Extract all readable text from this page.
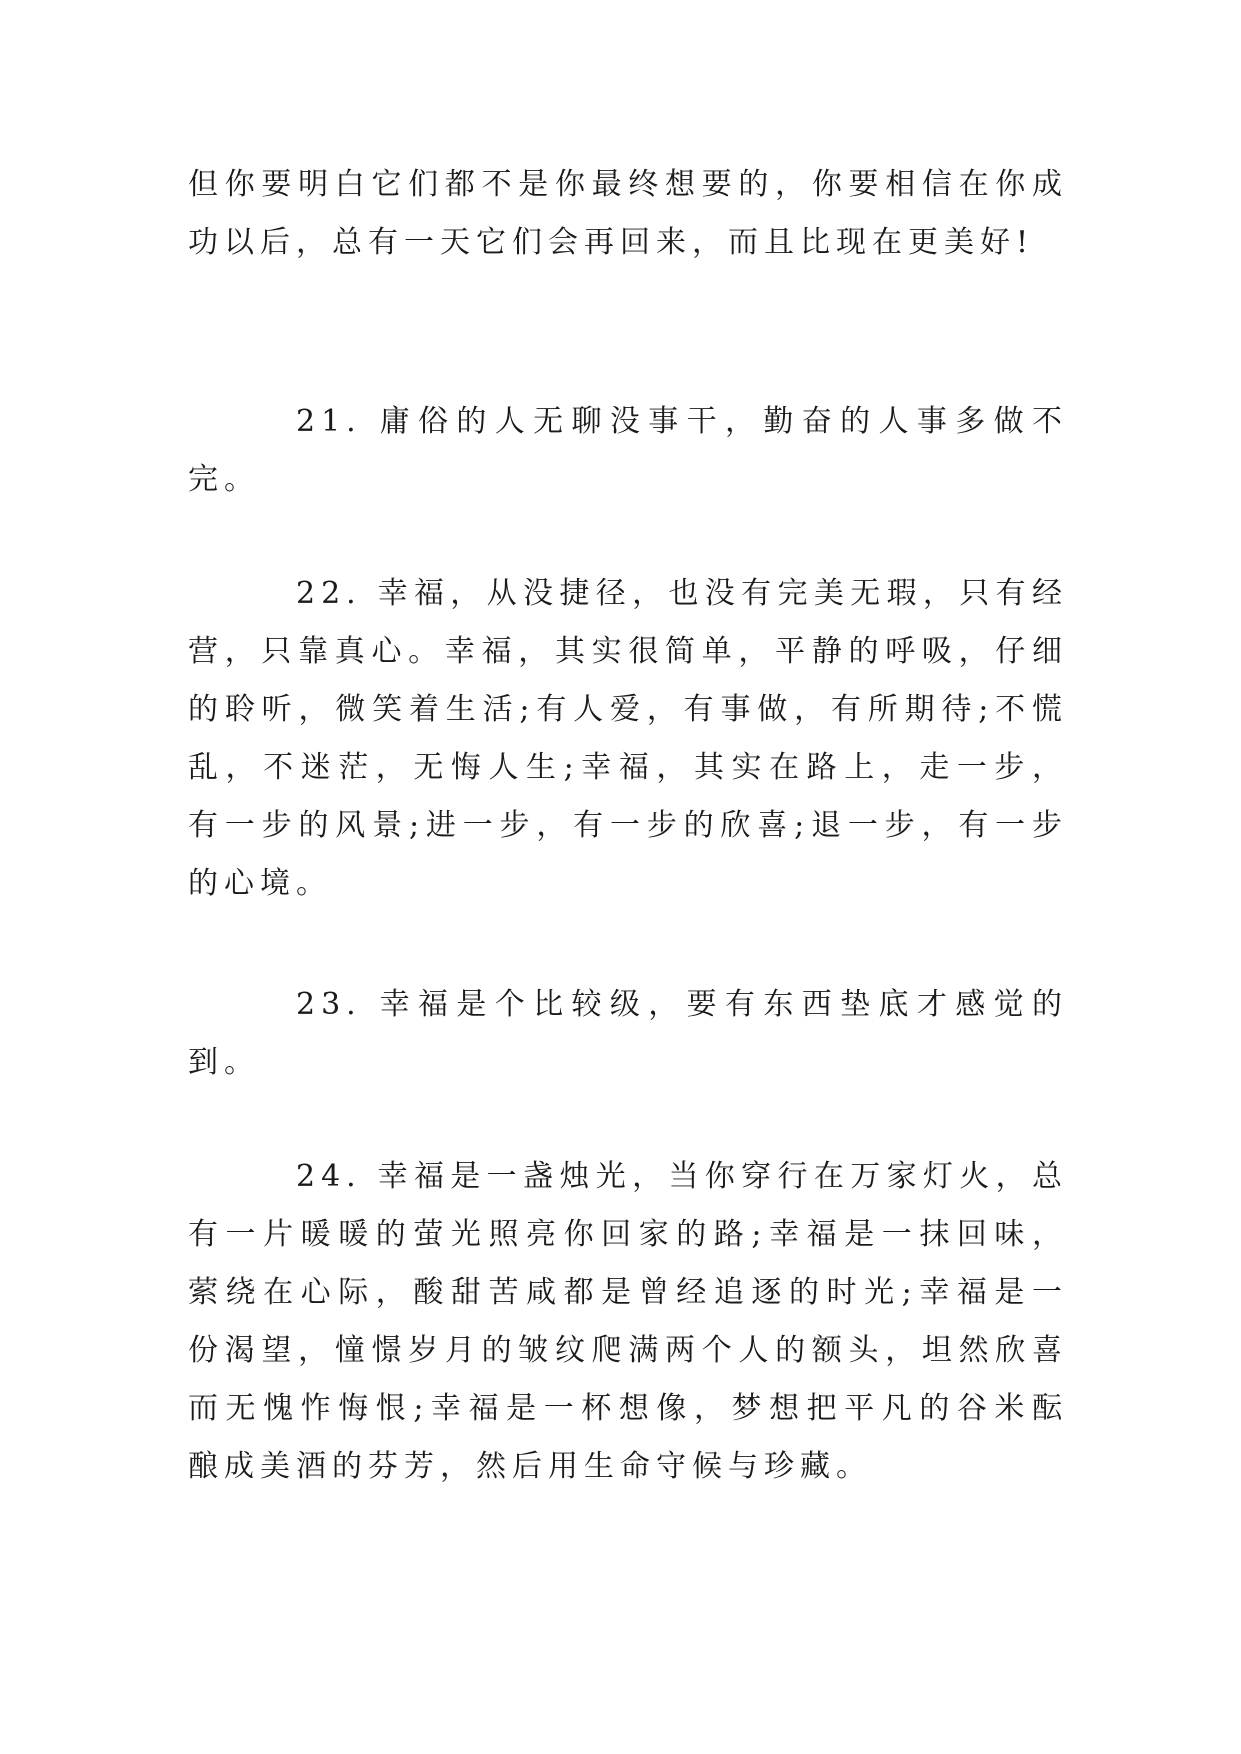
但你要明白它们都不是你最终想要的，你要相信在你成功以后，总有一天它们会再回来，而且比现在更美好!

21. 庸俗的人无聊没事干，勤奋的人事多做不完。

22. 幸福，从没捷径，也没有完美无瑕，只有经营，只靠真心。幸福，其实很简单，平静的呼吸，仔细的聆听，微笑着生活;有人爱，有事做，有所期待;不慌乱，不迷茫，无悔人生;幸福，其实在路上，走一步，有一步的风景;进一步，有一步的欣喜;退一步，有一步的心境。

23. 幸福是个比较级，要有东西垫底才感觉的到。

24. 幸福是一盏烛光，当你穿行在万家灯火，总有一片暖暖的萤光照亮你回家的路;幸福是一抹回味，萦绕在心际，酸甜苦咸都是曾经追逐的时光;幸福是一份渴望，憧憬岁月的皱纹爬满两个人的额头，坦然欣喜而无愧怍悔恨;幸福是一杯想像，梦想把平凡的谷米酝酿成美酒的芬芳，然后用生命守候与珍藏。
